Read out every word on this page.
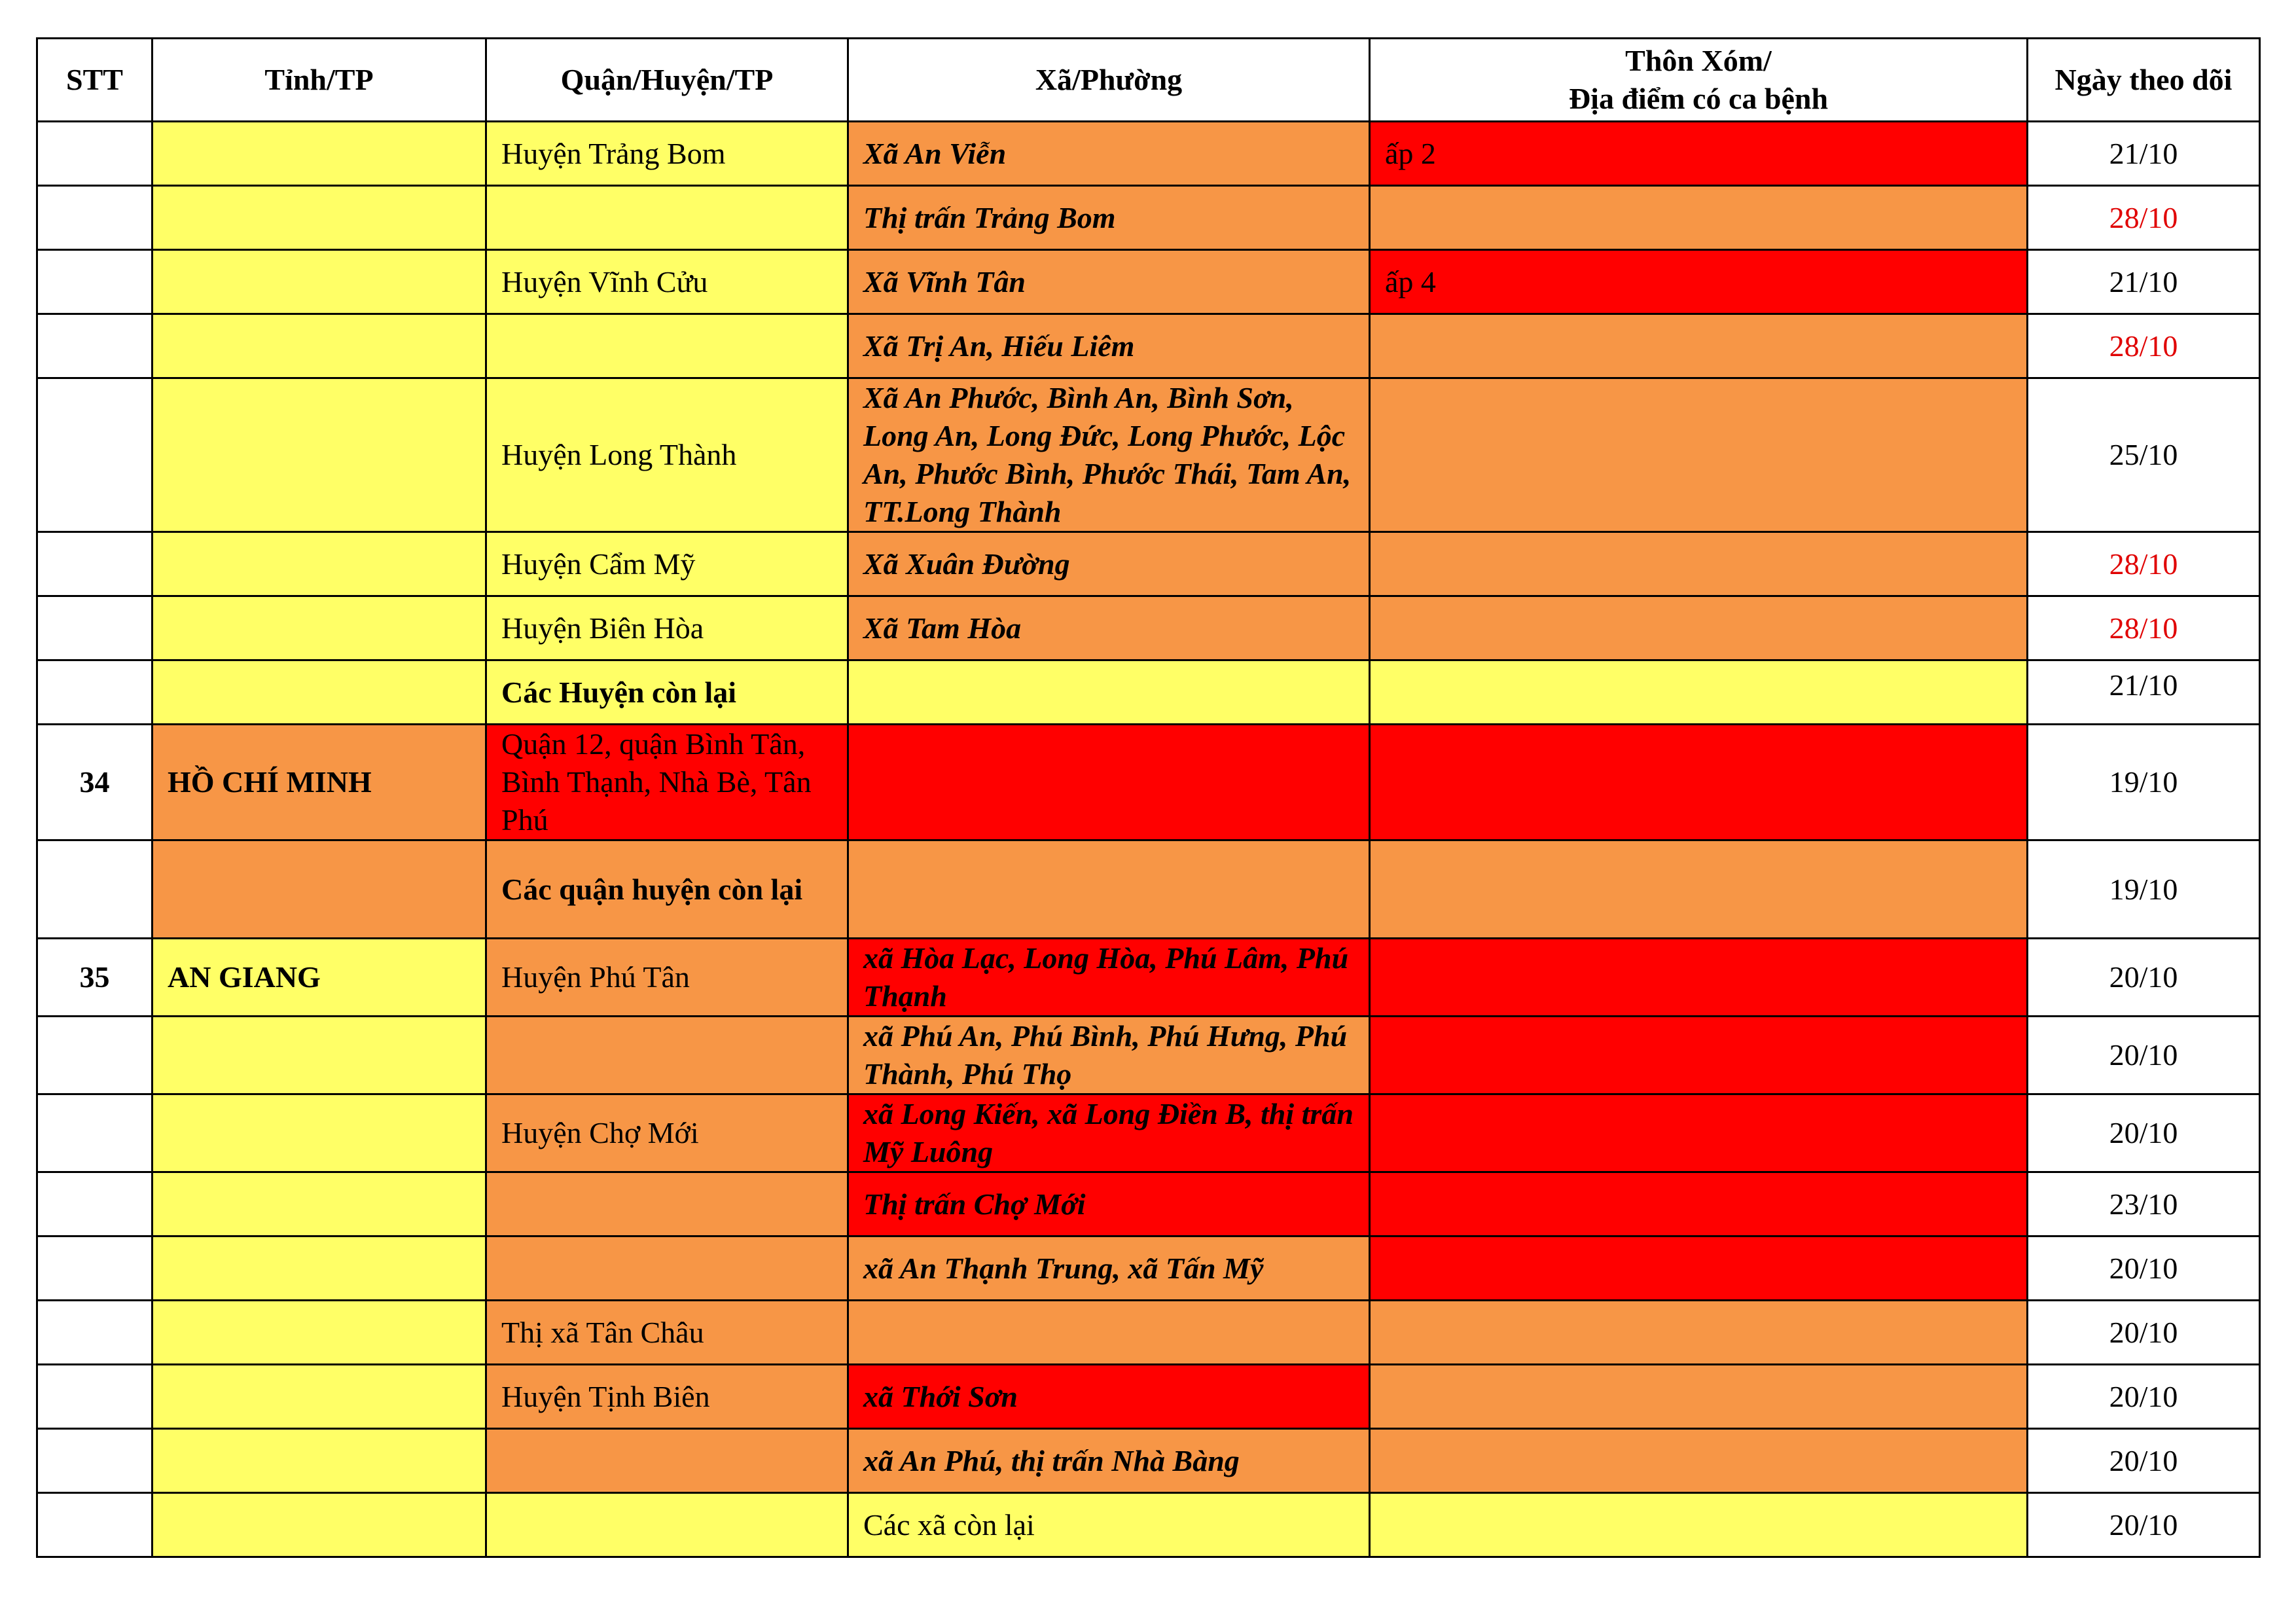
STT	Tỉnh/TP	Quận/Huyện/TP	Xã/Phường	Thôn Xóm/
Địa điểm có ca bệnh	Ngày theo dõi
		Huyện Trảng Bom	Xã An Viễn	ấp 2	21/10
			Thị trấn Trảng Bom		28/10
		Huyện Vĩnh Cửu	Xã Vĩnh Tân	ấp 4	21/10
			Xã Trị An, Hiếu Liêm		28/10
		Huyện Long Thành	Xã An Phước, Bình An, Bình Sơn, Long An, Long Đức, Long Phước, Lộc An, Phước Bình, Phước Thái, Tam An, TT.Long Thành		25/10
		Huyện Cẩm Mỹ	Xã Xuân Đường		28/10
		Huyện Biên Hòa	Xã Tam Hòa		28/10
		Các Huyện còn lại			21/10
34	HỒ CHÍ MINH	Quận 12, quận Bình Tân, Bình Thạnh, Nhà Bè, Tân Phú			19/10
		Các quận huyện còn lại			19/10
35	AN GIANG	Huyện Phú Tân	xã Hòa Lạc, Long Hòa, Phú Lâm, Phú Thạnh		20/10
			xã Phú An, Phú Bình, Phú Hưng, Phú Thành, Phú Thọ		20/10
		Huyện Chợ Mới	xã Long Kiến, xã Long Điền B, thị trấn Mỹ Luông		20/10
			Thị trấn Chợ Mới		23/10
			xã An Thạnh Trung, xã Tấn Mỹ		20/10
		Thị xã Tân Châu			20/10
		Huyện Tịnh Biên	xã Thới Sơn		20/10
			xã An Phú, thị trấn Nhà Bàng		20/10
			Các xã còn lại		20/10
